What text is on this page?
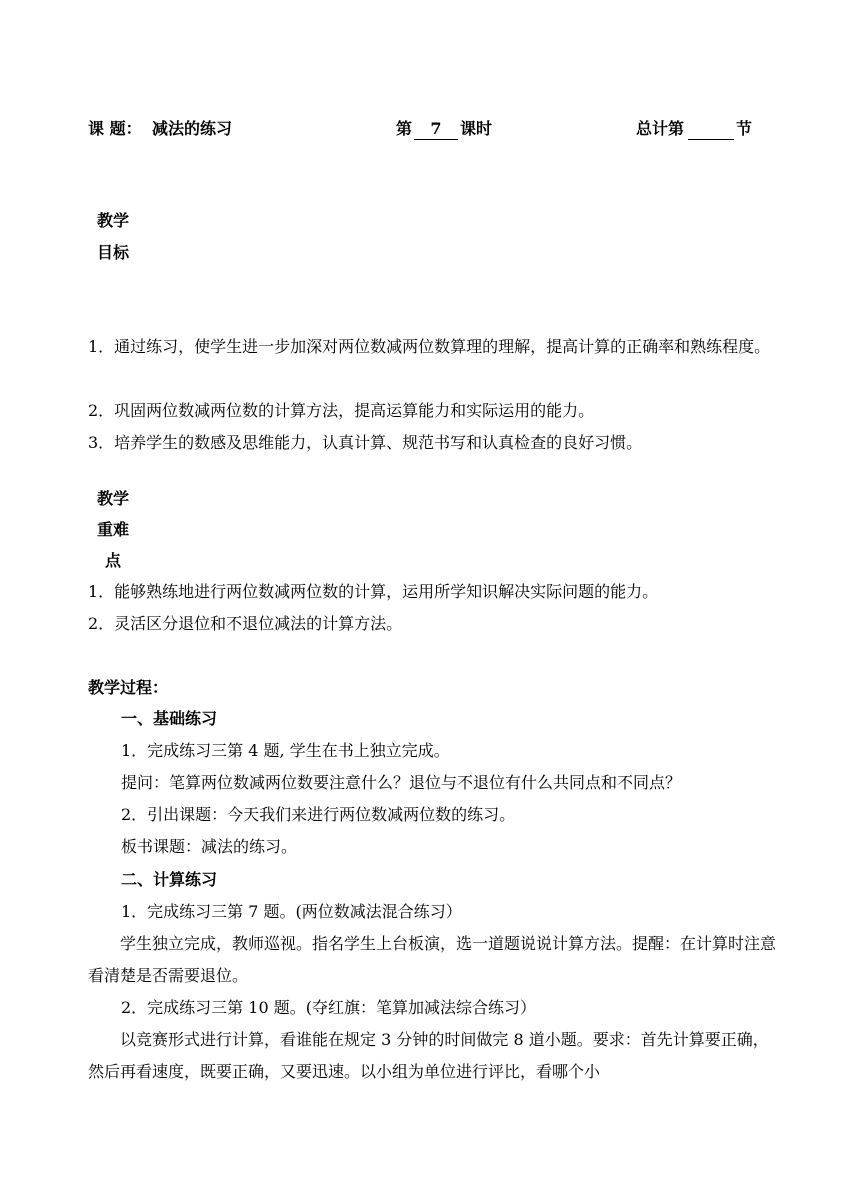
课 题： 减法的练习	第	7	课时	总计第	节
教学
目标
1．通过练习，使学生进一步加深对两位数减两位数算理的理解，提高计算的正确率和熟练程度。
2．巩固两位数减两位数的计算方法，提高运算能力和实际运用的能力。
3．培养学生的数感及思维能力，认真计算、规范书写和认真检查的良好习惯。
教学
重难
点
1．能够熟练地进行两位数减两位数的计算，运用所学知识解决实际问题的能力。
2．灵活区分退位和不退位减法的计算方法。
教学过程：
一、基础练习
1．完成练习三第 4 题, 学生在书上独立完成。
提问：笔算两位数减两位数要注意什么？退位与不退位有什么共同点和不同点？
2．引出课题：今天我们来进行两位数减两位数的练习。
板书课题：减法的练习。
二、计算练习
1．完成练习三第 7 题。(两位数减法混合练习）
学生独立完成，教师巡视。指名学生上台板演，选一道题说说计算方法。提醒：在计算时注意看清楚是否需要退位。
2．完成练习三第 10 题。(夺红旗：笔算加减法综合练习）
以竞赛形式进行计算，看谁能在规定 3 分钟的时间做完 8 道小题。要求：首先计算要正确，然后再看速度，既要正确，又要迅速。以小组为单位进行评比，看哪个小
